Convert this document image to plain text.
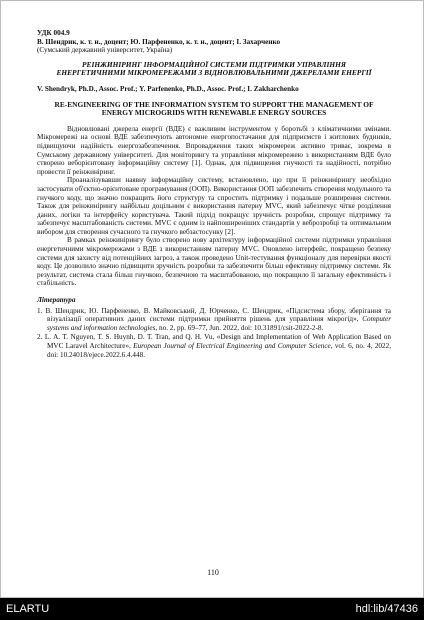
УДК 004.9
В. Шендрик, к. т. н., доцент; Ю. Парфененко, к. т. н., доцент; І. Захарченко
(Сумський державний університет, Україна)
РЕІНЖИНІРИНГ ІНФОРМАЦІЙНОЇ СИСТЕМИ ПІДТРИМКИ УПРАВЛІННЯ ЕНЕРГЕТИЧНИМИ МІКРОМЕРЕЖАМИ З ВІДНОВЛЮВАЛЬНИМИ ДЖЕРЕЛАМИ ЕНЕРГІЇ
V. Shendryk, Ph.D., Assoc. Prof.; Y. Parfenenko, Ph.D., Assoc. Prof.; I. Zakharchenko
RE-ENGINEERING OF THE INFORMATION SYSTEM TO SUPPORT THE MANAGEMENT OF ENERGY MICROGRIDS WITH RENEWABLE ENERGY SOURCES

Відновлювані джерела енергії (ВДЕ) є важливим інструментом у боротьбі з кліматичними змінами. Мікромережі на основі ВДЕ забезпечують автономне енергопостачання для підприємств і житлових будинків, підвищуючи надійність енергозабезпечення. Впровадження таких мікромереж активно триває, зокрема в Сумському державному університеті. Для моніторингу та управління мікромережею з використанням ВДЕ було створено веборієнтовану інформаційну систему [1]. Однак, для підвищення гнучкості та надійності, потрібно провести її реінжиніринг.

Проаналізувавши наявну інформаційну систему, встановлено, що при її реінжинірингу необхідно застосувати об'єктно-орієнтоване програмування (ООП). Використання ООП забезпечить створення модульного та гнучкого коду, що значно покращить його структуру та спростить підтримку і подальше розширення системи. Також для реінжинірингу найбільш доцільним є використання патерну MVC, який забезпечує чітке розділення даних, логіки та інтерфейсу користувача. Такий підхід покращує зручність розробки, спрощує підтримку та забезпечує масштабованість системи. MVC є одним із найпоширеніших стандартів у веброзробці та оптимальним вибором для створення сучасного та гнучкого вебзастосунку [2].

В рамках реінжинірингу було створено нову архітектуру інформаційної системи підтримки управління енергетичними мікромережами з ВДЕ з використанням патерну MVC. Оновлено інтерфейс, покращено безпеку системи для захисту від потенційних загроз, а також проведено Unit-тестування функціоналу для перевірки якості коду. Це дозволило значно підвищити зручність розробки та забезпечити більш ефективну підтримку системи. Як результат, система стала більш гнучкою, безпечною та масштабованою, що покращило її загальну ефективність і стабільність.

Література
1. В. Шендрик, Ю. Парфененко, В. Майковський, Д. Юрченко, С. Шендрик, «Підсистема збору, зберігання та візуалізації оперативних даних системи підтримки прийняття рішень для управління мікрогід», Computer systems and information technologies, no. 2, pp. 69–77, Jun. 2022, doi: 10.31891/csit-2022-2-8.
2. L. A. T. Nguyen, T. S. Huynh, D. T. Tran, and Q. H. Vu, «Design and Implementation of Web Application Based on MVC Laravel Architecture», European Journal of Electrical Engineering and Computer Science, vol. 6, no. 4, 2022, doi: 10.24018/ejece.2022.6.4.448.
110
ELARTU	hdl:lib/47436
